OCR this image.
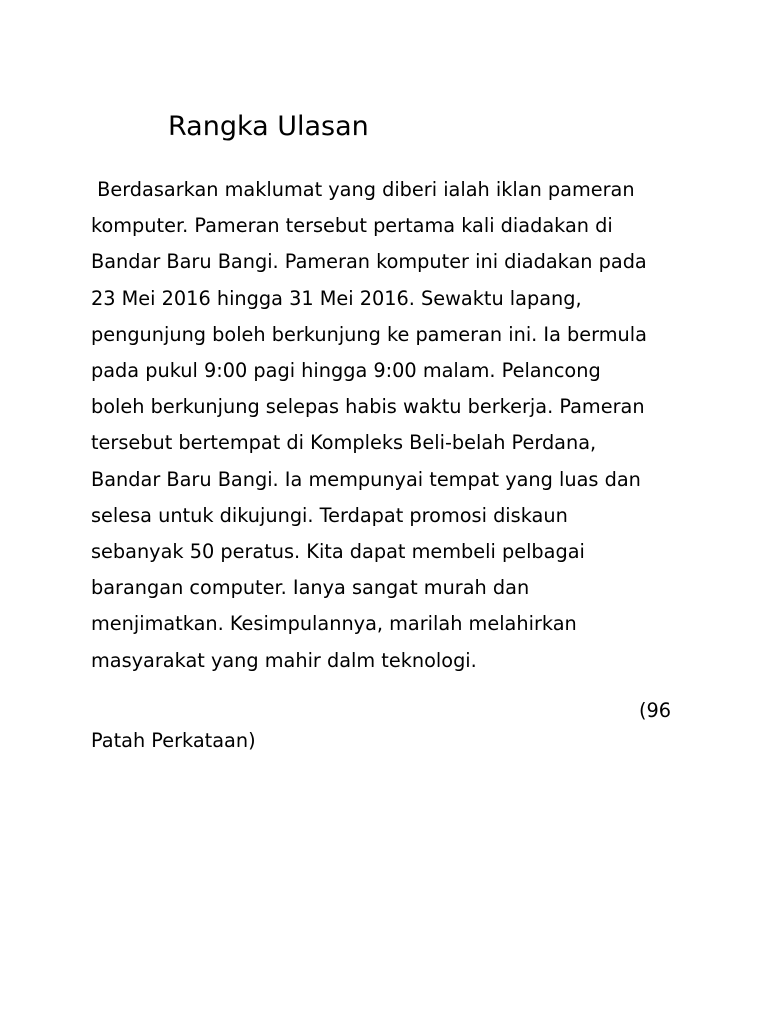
Rangka Ulasan
Berdasarkan maklumat yang diberi ialah iklan pameran
komputer. Pameran tersebut pertama kali diadakan di
Bandar Baru Bangi. Pameran komputer ini diadakan pada
23 Mei 2016 hingga 31 Mei 2016. Sewaktu lapang,
pengunjung boleh berkunjung ke pameran ini. Ia bermula
pada pukul 9:00 pagi hingga 9:00 malam. Pelancong
boleh berkunjung selepas habis waktu berkerja. Pameran
tersebut bertempat di Kompleks Beli-belah Perdana,
Bandar Baru Bangi. Ia mempunyai tempat yang luas dan
selesa untuk dikujungi. Terdapat promosi diskaun
sebanyak 50 peratus. Kita dapat membeli pelbagai
barangan computer. Ianya sangat murah dan
menjimatkan. Kesimpulannya, marilah melahirkan
masyarakat yang mahir dalm teknologi.
(96
Patah Perkataan)
